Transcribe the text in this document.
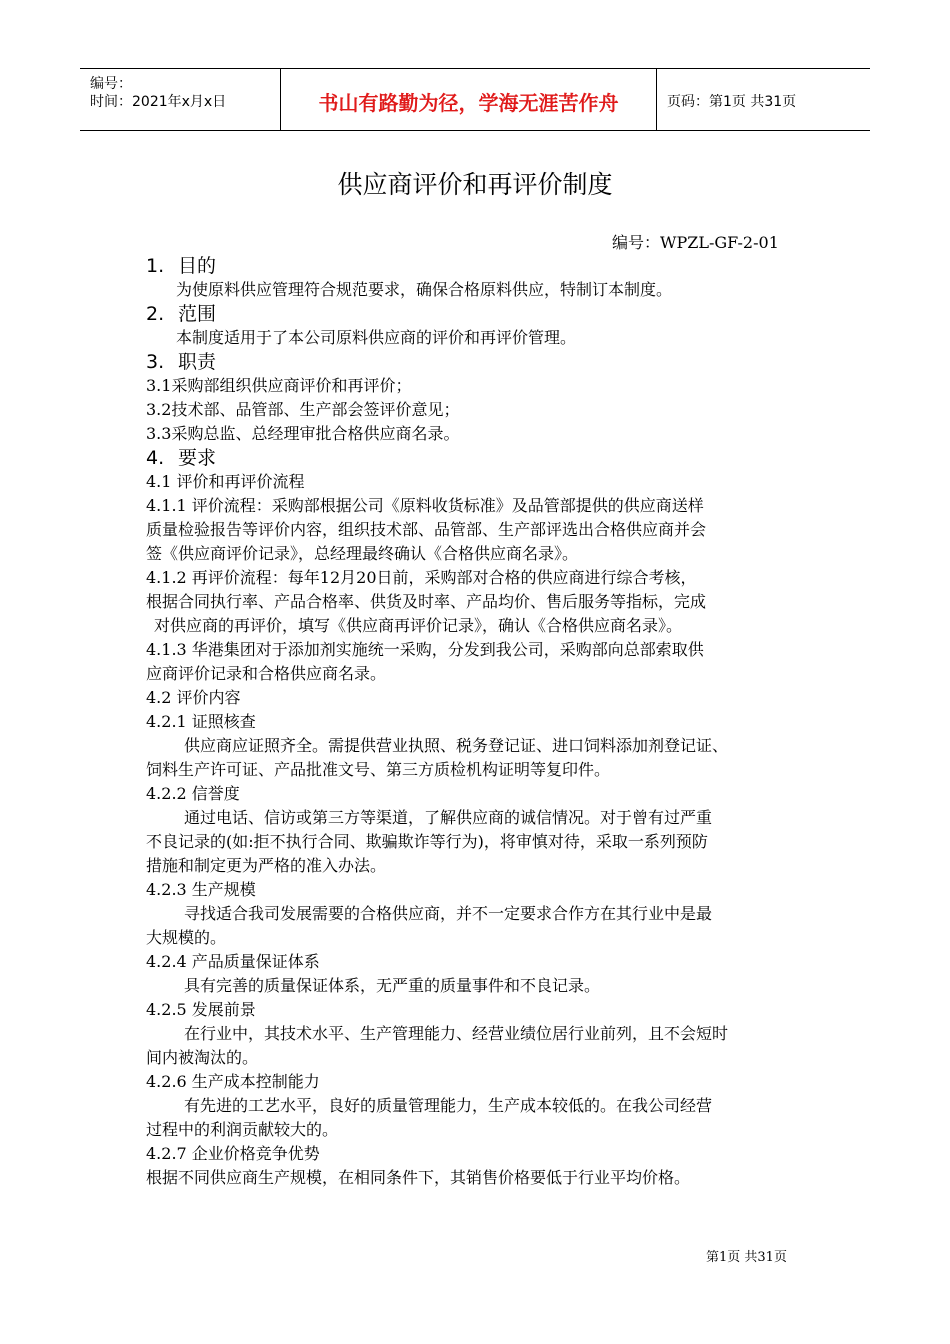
编号：
时间：2021年x月x日	书山有路勤为径，学海无涯苦作舟	页码：第1页 共31页
供应商评价和再评价制度
编号：WPZL-GF-2-01
1. 目的
为使原料供应管理符合规范要求，确保合格原料供应，特制订本制度。
2. 范围
本制度适用于了本公司原料供应商的评价和再评价管理。
3. 职责
3.1采购部组织供应商评价和再评价；
3.2技术部、品管部、生产部会签评价意见；
3.3采购总监、总经理审批合格供应商名录。
4. 要求
4.1 评价和再评价流程
4.1.1 评价流程：采购部根据公司《原料收货标准》及品管部提供的供应商送样
质量检验报告等评价内容，组织技术部、品管部、生产部评选出合格供应商并会
签《供应商评价记录》，总经理最终确认《合格供应商名录》。
4.1.2 再评价流程：每年12月20日前，采购部对合格的供应商进行综合考核，
根据合同执行率、产品合格率、供货及时率、产品均价、售后服务等指标，完成
对供应商的再评价，填写《供应商再评价记录》，确认《合格供应商名录》。
4.1.3 华港集团对于添加剂实施统一采购，分发到我公司，采购部向总部索取供
应商评价记录和合格供应商名录。
4.2 评价内容
4.2.1 证照核查
供应商应证照齐全。需提供营业执照、税务登记证、进口饲料添加剂登记证、
饲料生产许可证、产品批准文号、第三方质检机构证明等复印件。
4.2.2 信誉度
通过电话、信访或第三方等渠道，了解供应商的诚信情况。对于曾有过严重
不良记录的(如:拒不执行合同、欺骗欺诈等行为)，将审慎对待，采取一系列预防
措施和制定更为严格的准入办法。
4.2.3 生产规模
寻找适合我司发展需要的合格供应商，并不一定要求合作方在其行业中是最
大规模的。
4.2.4 产品质量保证体系
具有完善的质量保证体系，无严重的质量事件和不良记录。
4.2.5 发展前景
在行业中，其技术水平、生产管理能力、经营业绩位居行业前列，且不会短时
间内被淘汰的。
4.2.6 生产成本控制能力
有先进的工艺水平，良好的质量管理能力，生产成本较低的。在我公司经营
过程中的利润贡献较大的。
4.2.7 企业价格竞争优势
根据不同供应商生产规模，在相同条件下，其销售价格要低于行业平均价格。
第1页 共31页
